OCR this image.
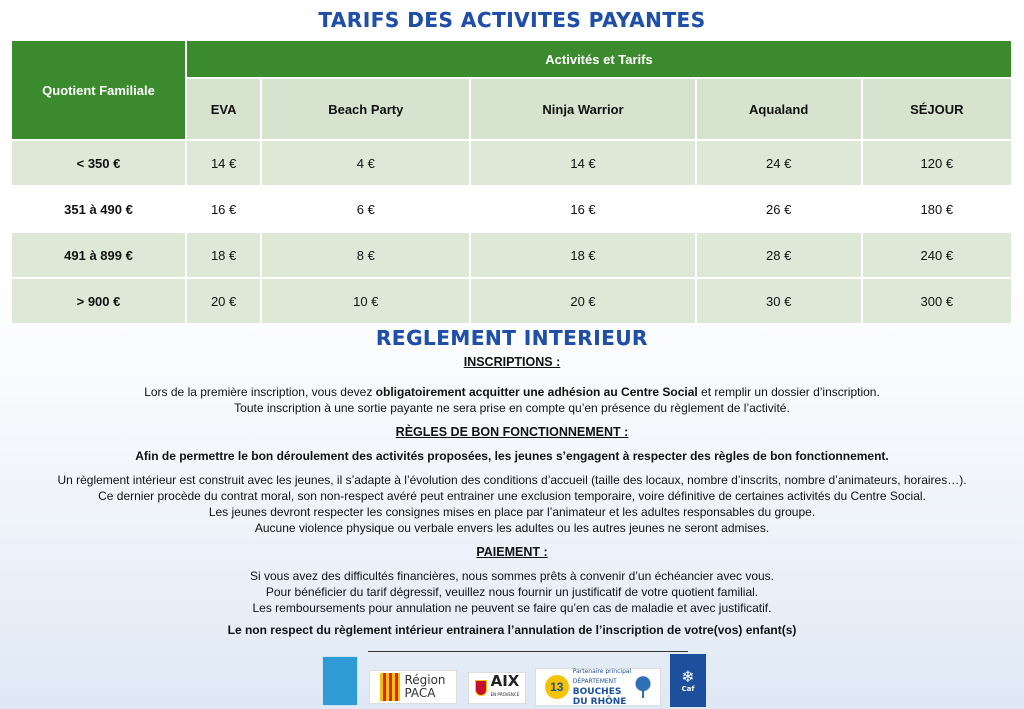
TARIFS DES ACTIVITES PAYANTES
Quotient Familiale	Activités et Tarifs				
	EVA	Beach Party	Ninja Warrior	Aqualand	SÉJOUR
< 350 €	14 €	4 €	14 €	24 €	120 €
351 à 490 €	16 €	6 €	16 €	26 €	180 €
491 à 899 €	18 €	8 €	18 €	28 €	240 €
> 900 €	20 €	10 €	20 €	30 €	300 €
REGLEMENT INTERIEUR

INSCRIPTIONS :

Lors de la première inscription, vous devez obligatoirement acquitter une adhésion au Centre Social et remplir un dossier d’inscription.

Toute inscription à une sortie payante ne sera prise en compte qu’en présence du règlement de l’activité.

RÈGLES DE BON FONCTIONNEMENT :

Afin de permettre le bon déroulement des activités proposées, les jeunes s’engagent à respecter des règles de bon fonctionnement.

Un règlement intérieur est construit avec les jeunes, il s’adapte à l’évolution des conditions d’accueil (taille des locaux, nombre d’inscrits, nombre d’animateurs, horaires…).

Ce dernier procède du contrat moral, son non-respect avéré peut entrainer une exclusion temporaire, voire définitive de certaines activités du Centre Social.

Les jeunes devront respecter les consignes mises en place par l’animateur et les adultes responsables du groupe.

Aucune violence physique ou verbale envers les adultes ou les autres jeunes ne seront admises.

PAIEMENT :

Si vous avez des difficultés financières, nous sommes prêts à convenir d’un échéancier avec vous.

Pour bénéficier du tarif dégressif, veuillez nous fournir un justificatif de votre quotient familial.

Les remboursements pour annulation ne peuvent se faire qu’en cas de maladie et avec justificatif.

Le non respect du règlement intérieur entrainera l’annulation de l’inscription de votre(vos) enfant(s)

Région
PACA
AIX
EN PROVENCE
13
Partenaire principal
DÉPARTEMENT
BOUCHES
DU RHÔNE
❄
Caf
